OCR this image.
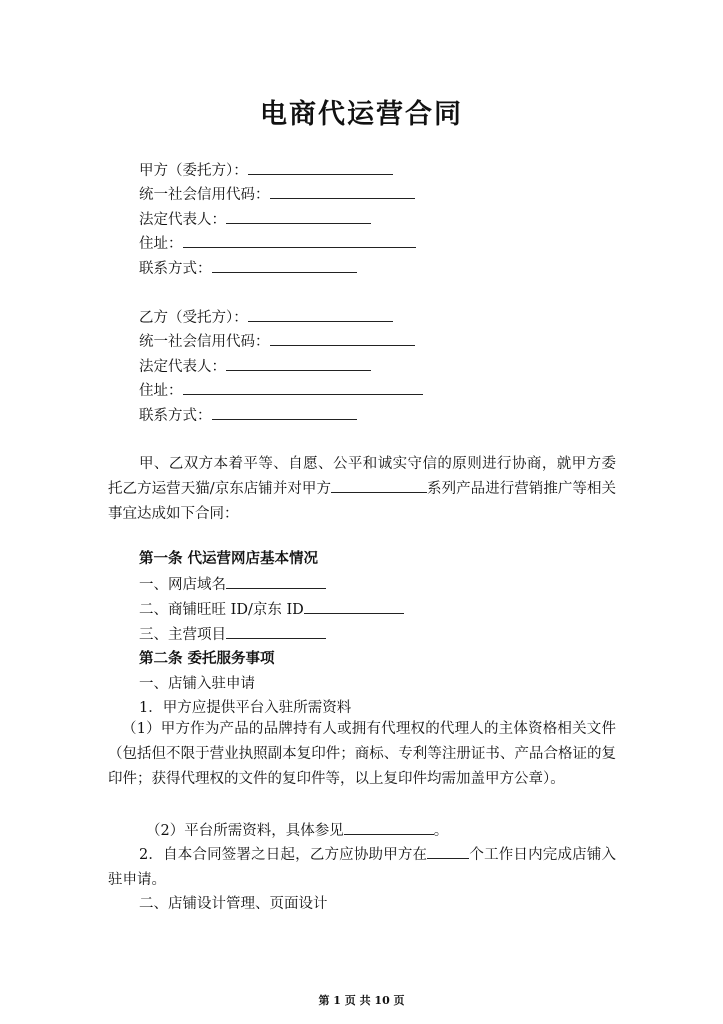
电商代运营合同
甲方（委托方）：
统一社会信用代码：
法定代表人：
住址：
联系方式：
乙方（受托方）：
统一社会信用代码：
法定代表人：
住址：
联系方式：
甲、乙双方本着平等、自愿、公平和诚实守信的原则进行协商，就甲方委托乙方运营天猫/京东店铺并对甲方	系列产品进行营销推广等相关事宜达成如下合同：
第一条 代运营网店基本情况
一、网店域名
二、商铺旺旺 ID/京东 ID
三、主营项目
第二条 委托服务事项
一、店铺入驻申请
1．甲方应提供平台入驻所需资料
（1）甲方作为产品的品牌持有人或拥有代理权的代理人的主体资格相关文件（包括但不限于营业执照副本复印件；商标、专利等注册证书、产品合格证的复印件；获得代理权的文件的复印件等，以上复印件均需加盖甲方公章）。
（2）平台所需资料，具体参见	。
2．自本合同签署之日起，乙方应协助甲方在	个工作日内完成店铺入驻申请。
二、店铺设计管理、页面设计
第 1 页 共 10 页
